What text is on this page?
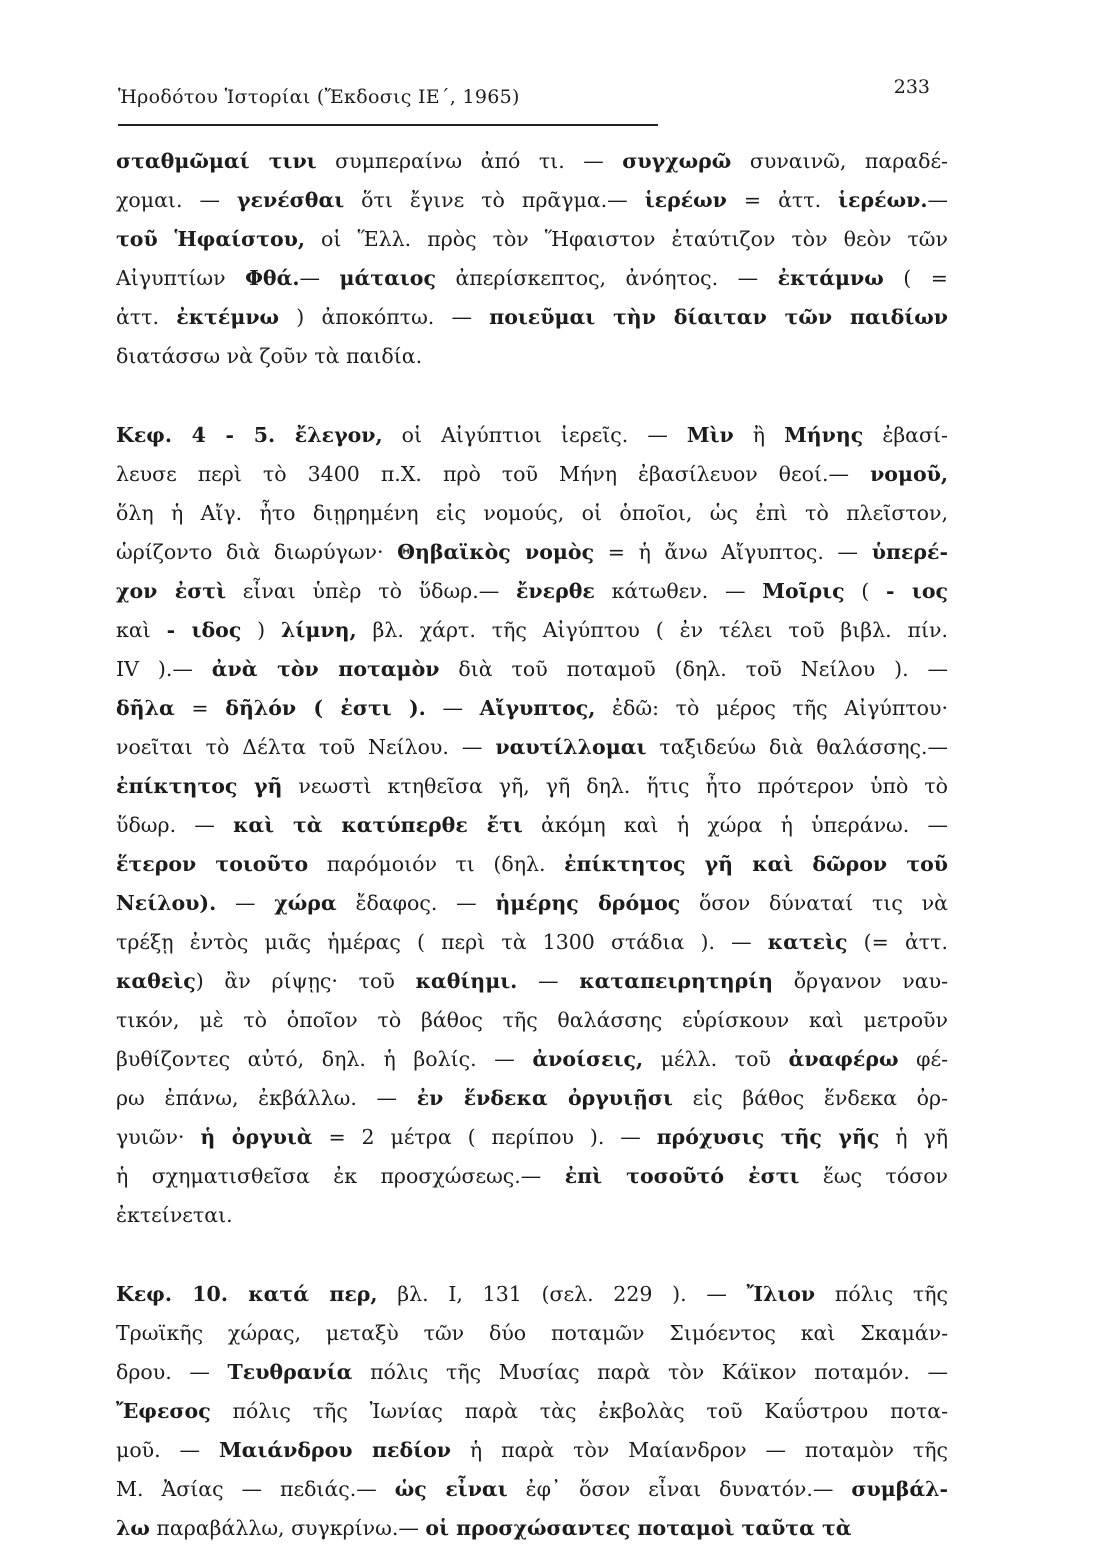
Ἡροδότου Ἱστορίαι (Ἔκδοσις ΙΕ΄, 1965)	233
σταθμῶμαί τινι συμπεραίνω ἀπό τι. — συγχωρῶ συναινῶ, παραδέ-
χομαι. — γενέσθαι ὅτι ἔγινε τὸ πρᾶγμα.— ἱερέων = ἀττ. ἱερέων.—
τοῦ Ἡφαίστου, οἱ Ἕλλ. πρὸς τὸν Ἥφαιστον ἐταύτιζον τὸν θεὸν τῶν
Αἰγυπτίων Φθά.— μάταιος ἀπερίσκεπτος, ἀνόητος. — ἐκτάμνω ( =
ἀττ. ἐκτέμνω ) ἀποκόπτω. — ποιεῦμαι τὴν δίαιταν τῶν παιδίων
διατάσσω νὰ ζοῦν τὰ παιδία.
Κεφ. 4 - 5. ἔλεγον, οἱ Αἰγύπτιοι ἱερεῖς. — Μὶν ἢ Μήνης ἐβασί-
λευσε περὶ τὸ 3400 π.Χ. πρὸ τοῦ Μήνη ἐβασίλευον θεοί.— νομοῦ,
ὅλη ἡ Αἴγ. ἦτο διῃρημένη εἰς νομούς, οἱ ὁποῖοι, ὡς ἐπὶ τὸ πλεῖστον,
ὡρίζοντο διὰ διωρύγων· Θηβαϊκὸς νομὸς = ἡ ἄνω Αἴγυπτος. — ὑπερέ-
χον ἐστὶ εἶναι ὑπὲρ τὸ ὕδωρ.— ἔνερθε κάτωθεν. — Μοῖρις ( - ιος
καὶ - ιδος ) λίμνη, βλ. χάρτ. τῆς Αἰγύπτου ( ἐν τέλει τοῦ βιβλ. πίν.
IV ).— ἀνὰ τὸν ποταμὸν διὰ τοῦ ποταμοῦ (δηλ. τοῦ Νείλου ). —
δῆλα = δῆλόν ( ἐστι ). — Αἴγυπτος, ἐδῶ: τὸ μέρος τῆς Αἰγύπτου·
νοεῖται τὸ Δέλτα τοῦ Νείλου. — ναυτίλλομαι ταξιδεύω διὰ θαλάσσης.—
ἐπίκτητος γῆ νεωστὶ κτηθεῖσα γῆ, γῆ δηλ. ἥτις ἦτο πρότερον ὑπὸ τὸ
ὕδωρ. — καὶ τὰ κατύπερθε ἔτι ἀκόμη καὶ ἡ χώρα ἡ ὑπεράνω. —
ἕτερον τοιοῦτο παρόμοιόν τι (δηλ. ἐπίκτητος γῆ καὶ δῶρον τοῦ
Νείλου). — χώρα ἔδαφος. — ἡμέρης δρόμος ὅσον δύναταί τις νὰ
τρέξῃ ἐντὸς μιᾶς ἡμέρας ( περὶ τὰ 1300 στάδια ). — κατεὶς (= ἀττ.
καθεὶς) ἂν ρίψῃς· τοῦ καθίημι. — καταπειρητηρίη ὄργανον ναυ-
τικόν, μὲ τὸ ὁποῖον τὸ βάθος τῆς θαλάσσης εὑρίσκουν καὶ μετροῦν
βυθίζοντες αὐτό, δηλ. ἡ βολίς. — ἀνοίσεις, μέλλ. τοῦ ἀναφέρω φέ-
ρω ἐπάνω, ἐκβάλλω. — ἐν ἕνδεκα ὀργυιῇσι εἰς βάθος ἕνδεκα ὀρ-
γυιῶν· ἡ ὀργυιὰ = 2 μέτρα ( περίπου ). — πρόχυσις τῆς γῆς ἡ γῆ
ἡ σχηματισθεῖσα ἐκ προσχώσεως.— ἐπὶ τοσοῦτό ἐστι ἕως τόσον
ἐκτείνεται.
Κεφ. 10. κατά περ, βλ. I, 131 (σελ. 229 ). — Ἴλιον πόλις τῆς
Τρωϊκῆς χώρας, μεταξὺ τῶν δύο ποταμῶν Σιμόεντος καὶ Σκαμάν-
δρου. — Τευθρανία πόλις τῆς Μυσίας παρὰ τὸν Κάϊκον ποταμόν. —
Ἔφεσος πόλις τῆς Ἰωνίας παρὰ τὰς ἐκβολὰς τοῦ Καΰστρου ποτα-
μοῦ. — Μαιάνδρου πεδίον ἡ παρὰ τὸν Μαίανδρον — ποταμὸν τῆς
Μ. Ἀσίας — πεδιάς.— ὡς εἶναι ἐφ᾽ ὅσον εἶναι δυνατόν.— συμβάλ-
λω παραβάλλω, συγκρίνω.— οἱ προσχώσαντες ποταμοὶ ταῦτα τὰ
